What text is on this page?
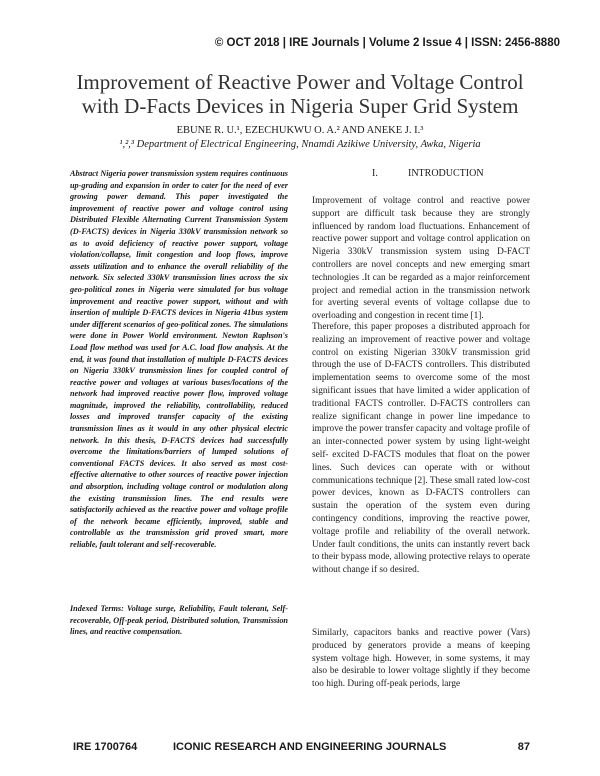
© OCT 2018 | IRE Journals | Volume 2 Issue 4 | ISSN: 2456-8880
Improvement of Reactive Power and Voltage Control
with D-Facts Devices in Nigeria Super Grid System
EBUNE R. U.¹, EZECHUKWU O. A.² AND ANEKE J. I.³
¹,²,³ Department of Electrical Engineering, Nnamdi Azikiwe University, Awka, Nigeria

Abstract Nigeria power transmission system requires continuous up-grading and expansion in order to cater for the need of ever growing power demand. This paper investigated the improvement of reactive power and voltage control using Distributed Flexible Alternating Current Transmission System (D-FACTS) devices in Nigeria 330kV transmission network so as to avoid deficiency of reactive power support, voltage violation/collapse, limit congestion and loop flows, improve assets utilization and to enhance the overall reliability of the network. Six selected 330kV transmission lines across the six geo-political zones in Nigeria were simulated for bus voltage improvement and reactive power support, without and with insertion of multiple D-FACTS devices in Nigeria 41bus system under different scenarios of geo-political zones. The simulations were done in Power World environment. Newton Raphson's Load flow method was used for A.C. load flow analysis. At the end, it was found that installation of multiple D-FACTS devices on Nigeria 330kV transmission lines for coupled control of reactive power and voltages at various buses/locations of the network had improved reactive power flow, improved voltage magnitude, improved the reliability, controllability, reduced losses and improved transfer capacity of the existing transmission lines as it would in any other physical electric network. In this thesis, D-FACTS devices had successfully overcome the limitations/barriers of lumped solutions of conventional FACTS devices. It also served as most cost-effective alternative to other sources of reactive power injection and absorption, including voltage control or modulation along the existing transmission lines. The end results were satisfactorily achieved as the reactive power and voltage profile of the network became efficiently, improved, stable and controllable as the transmission grid proved smart, more reliable, fault tolerant and self-recoverable.

Indexed Terms: Voltage surge, Reliability, Fault tolerant, Self-recoverable, Off-peak period, Distributed solution, Transmission lines, and reactive compensation.

I.	INTRODUCTION

Improvement of voltage control and reactive power support are difficult task because they are strongly influenced by random load fluctuations. Enhancement of reactive power support and voltage control application on Nigeria 330kV transmission system using D-FACT controllers are novel concepts and new emerging smart technologies .It can be regarded as a major reinforcement project and remedial action in the transmission network for averting several events of voltage collapse due to overloading and congestion in recent time [1].

Therefore, this paper proposes a distributed approach for realizing an improvement of reactive power and voltage control on existing Nigerian 330kV transmission grid through the use of D-FACTS controllers. This distributed implementation seems to overcome some of the most significant issues that have limited a wider application of traditional FACTS controller. D-FACTS controllers can realize significant change in power line impedance to improve the power transfer capacity and voltage profile of an inter-connected power system by using light-weight self- excited D-FACTS modules that float on the power lines. Such devices can operate with or without communications technique [2]. These small rated low-cost power devices, known as D-FACTS controllers can sustain the operation of the system even during contingency conditions, improving the reactive power, voltage profile and reliability of the overall network. Under fault conditions, the units can instantly revert back to their bypass mode, allowing protective relays to operate without change if so desired.

Similarly, capacitors banks and reactive power (Vars) produced by generators provide a means of keeping system voltage high. However, in some systems, it may also be desirable to lower voltage slightly if they become too high. During off-peak periods, large

IRE 1700764	ICONIC RESEARCH AND ENGINEERING JOURNALS	87
